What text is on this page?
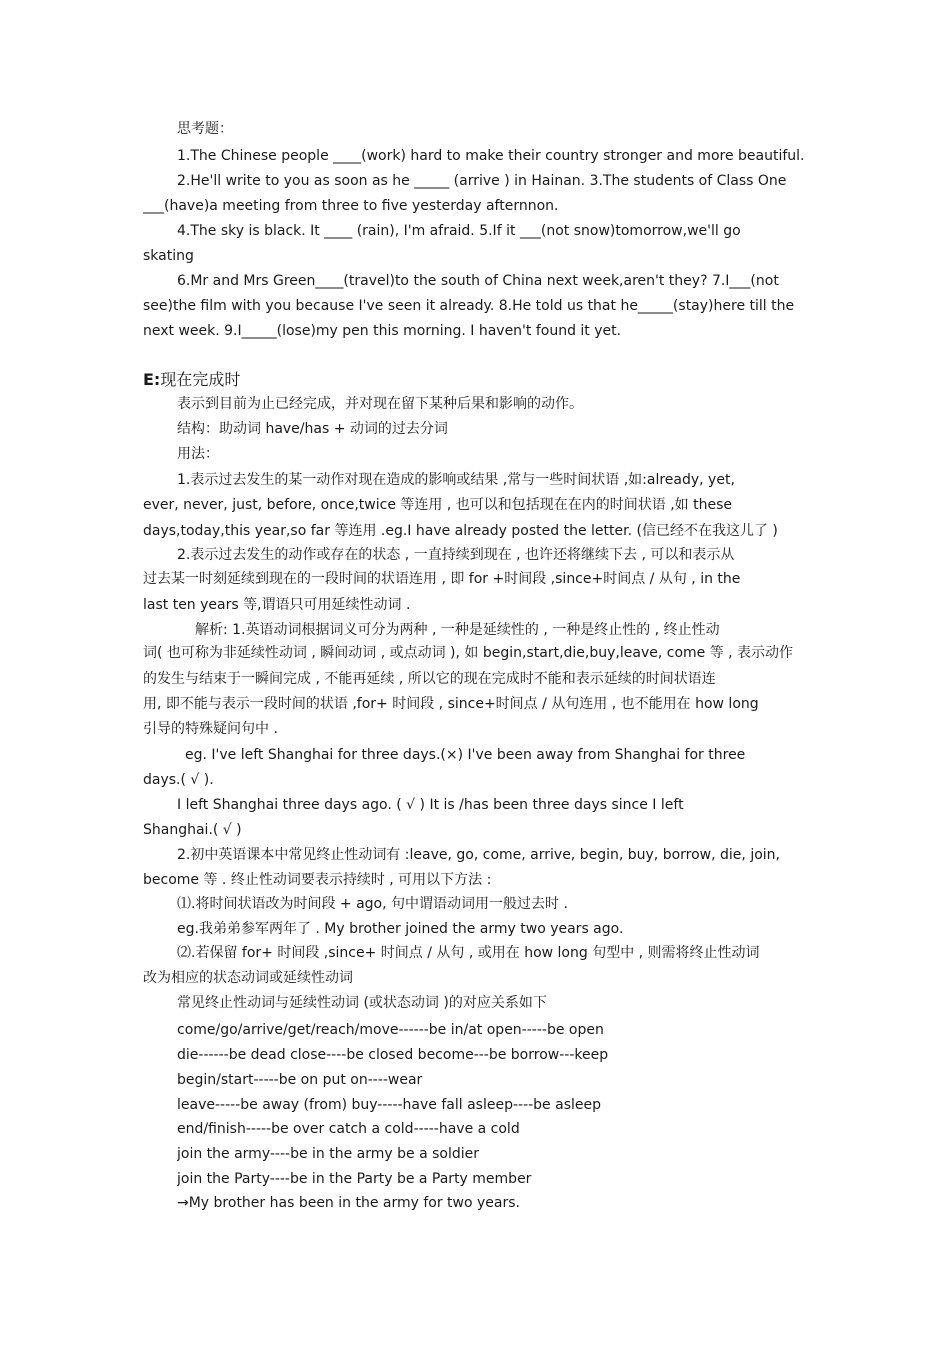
思考题：
1.The Chinese people ____(work) hard to make their country stronger and more beautiful.
2.He'll write to you as soon as he _____ (arrive ) in Hainan. 3.The students of Class One
___(have)a meeting from three to five yesterday afternnon.
4.The sky is black. It ____ (rain), I'm afraid. 5.If it ___(not snow)tomorrow,we'll go
skating
6.Mr and Mrs Green____(travel)to the south of China next week,aren't they? 7.I___(not
see)the film with you because I've seen it already. 8.He told us that he_____(stay)here till the
next week. 9.I_____(lose)my pen this morning. I haven't found it yet.
E:现在完成时
表示到目前为止已经完成，并对现在留下某种后果和影响的动作。
结构：助动词 have/has + 动词的过去分词
用法：
1.表示过去发生的某一动作对现在造成的影响或结果 ,常与一些时间状语 ,如:already, yet,
ever, never, just, before, once,twice 等连用 , 也可以和包括现在在内的时间状语 ,如 these
days,today,this year,so far 等连用 .eg.I have already posted the letter. (信已经不在我这儿了 )
2.表示过去发生的动作或存在的状态 , 一直持续到现在 , 也许还将继续下去 , 可以和表示从
过去某一时刻延续到现在的一段时间的状语连用 , 即 for +时间段 ,since+时间点 / 从句 , in the
last ten years 等,谓语只可用延续性动词 .
解析: 1.英语动词根据词义可分为两种 , 一种是延续性的 , 一种是终止性的 , 终止性动
词( 也可称为非延续性动词 , 瞬间动词 , 或点动词 ), 如 begin,start,die,buy,leave, come 等 , 表示动作
的发生与结束于一瞬间完成 , 不能再延续 , 所以它的现在完成时不能和表示延续的时间状语连
用, 即不能与表示一段时间的状语 ,for+ 时间段 , since+时间点 / 从句连用 , 也不能用在 how long
引导的特殊疑问句中 .
eg. I've left Shanghai for three days.(×) I've been away from Shanghai for three
days.( √ ).
I left Shanghai three days ago. ( √ ) It is /has been three days since I left
Shanghai.( √ )
2.初中英语课本中常见终止性动词有 :leave, go, come, arrive, begin, buy, borrow, die, join,
become 等 . 终止性动词要表示持续时 , 可用以下方法 :
⑴.将时间状语改为时间段 + ago, 句中谓语动词用一般过去时 .
eg.我弟弟参军两年了 . My brother joined the army two years ago.
⑵.若保留 for+ 时间段 ,since+ 时间点 / 从句 , 或用在 how long 句型中 , 则需将终止性动词
改为相应的状态动词或延续性动词
常见终止性动词与延续性动词 (或状态动词 )的对应关系如下
come/go/arrive/get/reach/move------be in/at open-----be open
die------be dead close----be closed become---be borrow---keep
begin/start-----be on put on----wear
leave-----be away (from) buy-----have fall asleep----be asleep
end/finish-----be over catch a cold-----have a cold
join the army----be in the army be a soldier
join the Party----be in the Party be a Party member
→My brother has been in the army for two years.
